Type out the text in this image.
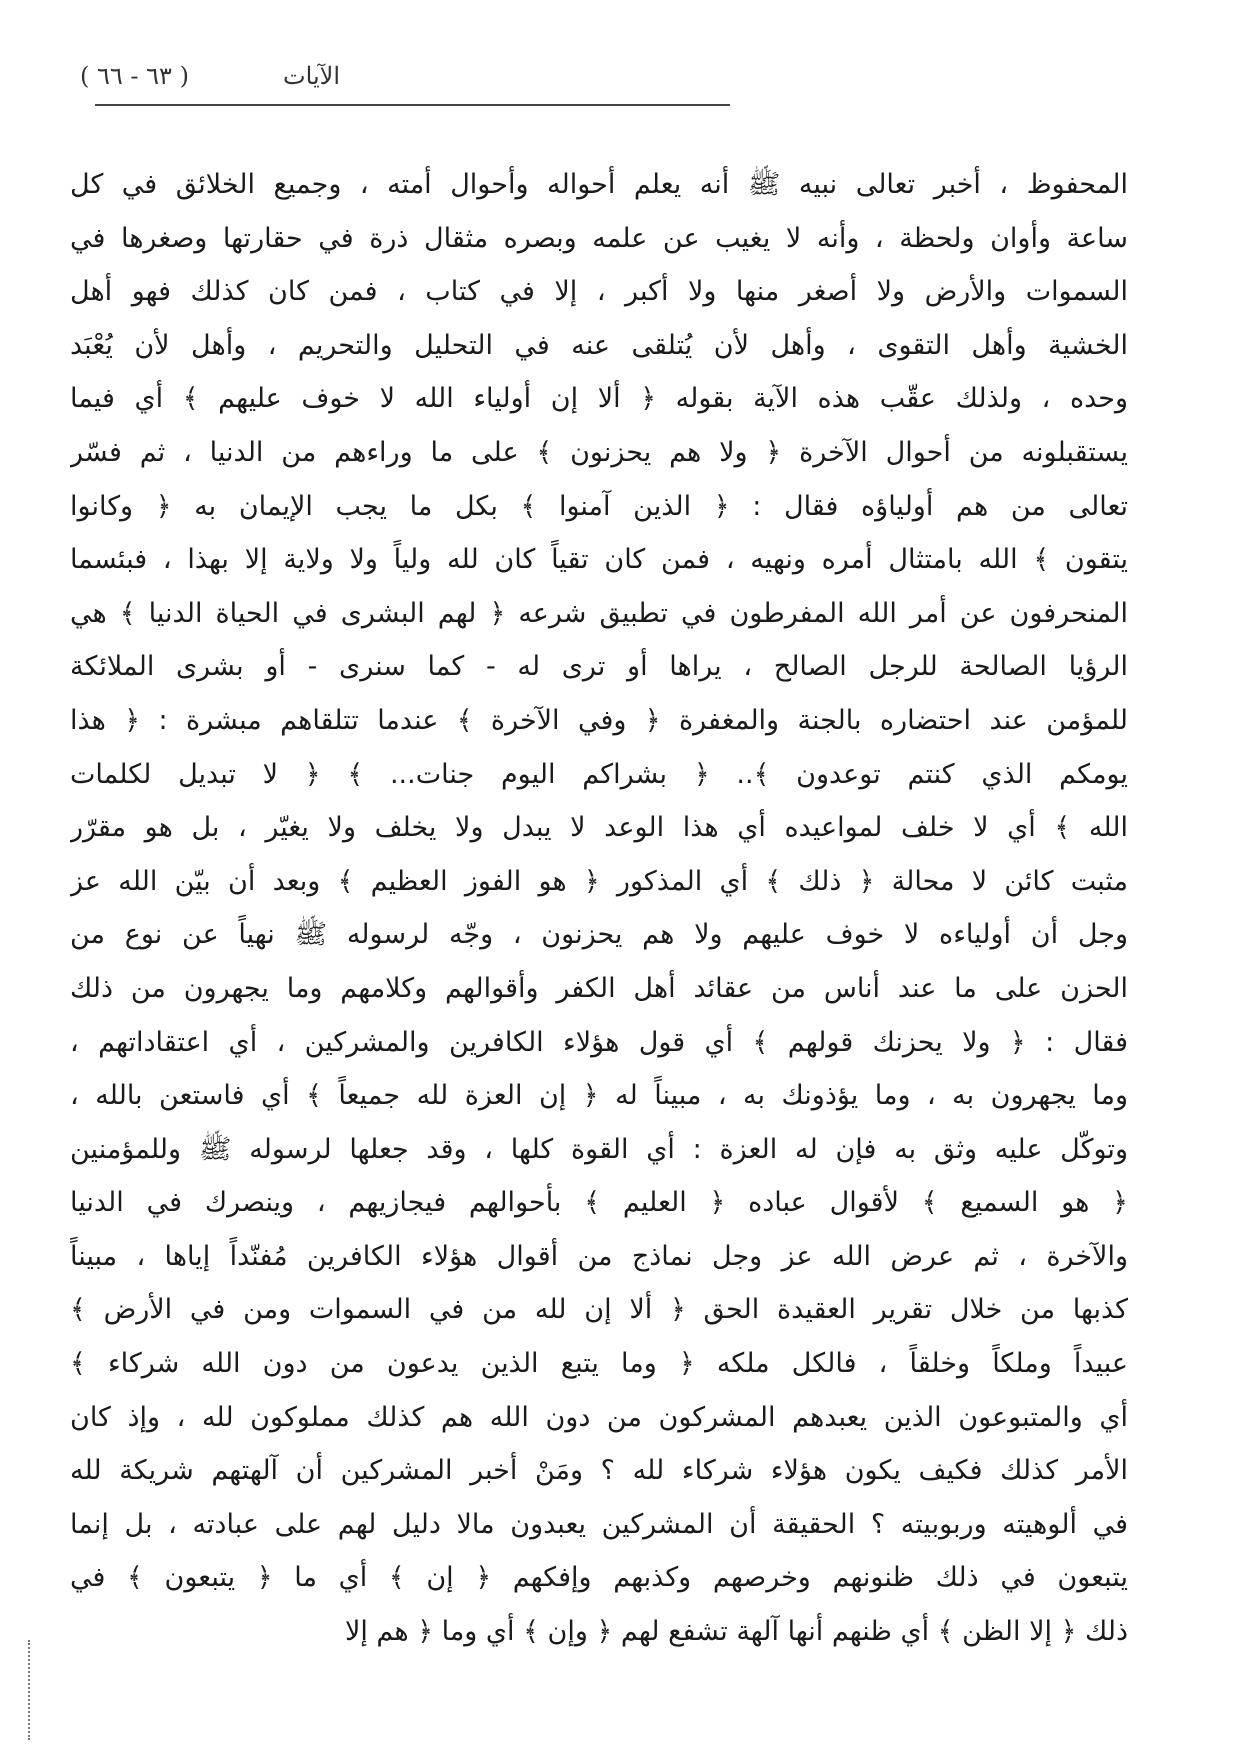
الآيات
( ٦٣ - ٦٦ )
المحفوظ ، أخبر تعالى نبيه ﷺ أنه يعلم أحواله وأحوال أمته ، وجميع الخلائق في كل
ساعة وأوان ولحظة ، وأنه لا يغيب عن علمه وبصره مثقال ذرة في حقارتها وصغرها في
السموات والأرض ولا أصغر منها ولا أكبر ، إلا في كتاب ، فمن كان كذلك فهو أهل
الخشية وأهل التقوى ، وأهل لأن يُتلقى عنه في التحليل والتحريم ، وأهل لأن يُعْبَد
وحده ، ولذلك عقّب هذه الآية بقوله ﴿ ألا إن أولياء الله لا خوف عليهم ﴾ أي فيما
يستقبلونه من أحوال الآخرة ﴿ ولا هم يحزنون ﴾ على ما وراءهم من الدنيا ، ثم فسّر
تعالى من هم أولياؤه فقال : ﴿ الذين آمنوا ﴾ بكل ما يجب الإيمان به ﴿ وكانوا
يتقون ﴾ الله بامتثال أمره ونهيه ، فمن كان تقياً كان لله ولياً ولا ولاية إلا بهذا ، فبئسما
المنحرفون عن أمر الله المفرطون في تطبيق شرعه ﴿ لهم البشرى في الحياة الدنيا ﴾ هي
الرؤيا الصالحة للرجل الصالح ، يراها أو ترى له - كما سنرى - أو بشرى الملائكة
للمؤمن عند احتضاره بالجنة والمغفرة ﴿ وفي الآخرة ﴾ عندما تتلقاهم مبشرة : ﴿ هذا
يومكم الذي كنتم توعدون ﴾.. ﴿ بشراكم اليوم جنات... ﴾ ﴿ لا تبديل لكلمات
الله ﴾ أي لا خلف لمواعيده أي هذا الوعد لا يبدل ولا يخلف ولا يغيّر ، بل هو مقرّر
مثبت كائن لا محالة ﴿ ذلك ﴾ أي المذكور ﴿ هو الفوز العظيم ﴾ وبعد أن بيّن الله عز
وجل أن أولياءه لا خوف عليهم ولا هم يحزنون ، وجّه لرسوله ﷺ نهياً عن نوع من
الحزن على ما عند أناس من عقائد أهل الكفر وأقوالهم وكلامهم وما يجهرون من ذلك
فقال : ﴿ ولا يحزنك قولهم ﴾ أي قول هؤلاء الكافرين والمشركين ، أي اعتقاداتهم ،
وما يجهرون به ، وما يؤذونك به ، مبيناً له ﴿ إن العزة لله جميعاً ﴾ أي فاستعن بالله ،
وتوكّل عليه وثق به فإن له العزة : أي القوة كلها ، وقد جعلها لرسوله ﷺ وللمؤمنين
﴿ هو السميع ﴾ لأقوال عباده ﴿ العليم ﴾ بأحوالهم فيجازيهم ، وينصرك في الدنيا
والآخرة ، ثم عرض الله عز وجل نماذج من أقوال هؤلاء الكافرين مُفنّداً إياها ، مبيناً
كذبها من خلال تقرير العقيدة الحق ﴿ ألا إن لله من في السموات ومن في الأرض ﴾
عبيداً وملكاً وخلقاً ، فالكل ملكه ﴿ وما يتبع الذين يدعون من دون الله شركاء ﴾
أي والمتبوعون الذين يعبدهم المشركون من دون الله هم كذلك مملوكون لله ، وإذ كان
الأمر كذلك فكيف يكون هؤلاء شركاء لله ؟ ومَنْ أخبر المشركين أن آلهتهم شريكة لله
في ألوهيته وربوبيته ؟ الحقيقة أن المشركين يعبدون مالا دليل لهم على عبادته ، بل إنما
يتبعون في ذلك ظنونهم وخرصهم وكذبهم وإفكهم ﴿ إن ﴾ أي ما ﴿ يتبعون ﴾ في
ذلك ﴿ إلا الظن ﴾ أي ظنهم أنها آلهة تشفع لهم ﴿ وإن ﴾ أي وما ﴿ هم إلا
